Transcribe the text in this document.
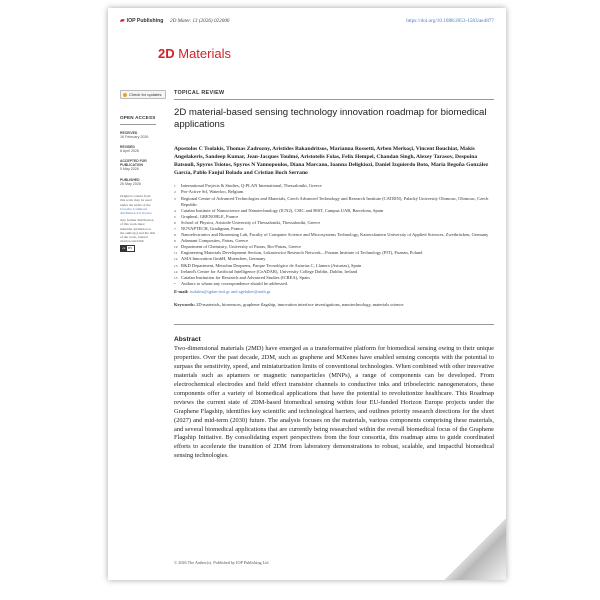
▰ IOP Publishing 2D Mater. 13 (2026) 022006	https://doi.org/10.1088/2053-1583/ae4877
2D Materials
Check for updates
OPEN ACCESS
RECEIVED
16 February 2026
REVISED
8 April 2026
ACCEPTED FOR PUBLICATION
5 May 2026
PUBLISHED
26 May 2026
Original content from this work may be used under the terms of the Creative Commons Attribution 4.0 licence.
Any further distribution of this work must maintain attribution to the author(s) and the title of the work, journal citation and DOI.
cc	BY
TOPICAL REVIEW
2D material-based sensing technology innovation roadmap for biomedical applications
Apostolos C Tsolakis, Thomas Zadrozny, Aristides Bakandritsos, Marianna Rossetti, Arben Merkoçi, Vincent Bouchiat, Makis Angelakeris, Sandeep Kumar, Jean-Jacques Toulmé, Aristotelis Folas, Felix Hempel, Chandan Singh, Alexey Tarasov, Despoina Batsouli, Spyros Tsiotos, Spyros N Yannopoulos, Diana Marcano, Ioanna Deligkiozi, Daniel Izquierdo Boto, Maria Begoña González García, Pablo Fanjul Bolado and Cristian Boch Serrano
1	International Projects & Studies, Q-PLAN International, Thessaloniki, Greece
2	Pro-Active Srl, Waterloo, Belgium
3	Regional Centre of Advanced Technologies and Materials, Czech Advanced Technology and Research Institute (CATRIN), Palacký University Olomouc, Olomouc, Czech Republic
4	Catalan Institute of Nanoscience and Nanotechnology (ICN2), CSIC and BIST, Campus UAB, Barcelona, Spain
5	Grapheal, GRENOBLE, France
6	School of Physics, Aristotle University of Thessaloniki, Thessaloniki, Greece
7	NOVAPTECH, Gradignan, France
8	Nanoelectronics and Biosensing Lab, Faculty of Computer Science and Microsystems Technology, Kaiserslautern University of Applied Sciences, Zweibrücken, Germany
9	Adamant Composites, Patras, Greece
10 Department of Chemistry, University of Patras, Rio-Patras, Greece
11 Engineering Materials Development Section, Lukasiewicz Research Network—Poznan Institute of Technology (PIT), Poznan, Poland
12 ASIA Innovation GmbH, Muenchen, Germany
13 R&D Department, Metrohm Dropsens, Parque Tecnológico de Asturias C, Llanera (Asturias), Spain
14 Ireland's Centre for Artificial Intelligence (CeADAR), University College Dublin, Dublin, Ireland
15 Catalan Institution for Research and Advanced Studies (ICREA), Spain
*	Authors to whom any correspondence should be addressed.
E-mail: tsolakis@qplan-intl.gr and agelaker@auth.gr
Keywords: 2D-materials, biosensors, graphene flagship, innovation interface investigations, nanotechnology, materials science
Abstract
Two-dimensional materials (2MD) have emerged as a transformative platform for biomedical sensing owing to their unique properties. Over the past decade, 2DM, such as graphene and MXenes have enabled sensing concepts with the potential to surpass the sensitivity, speed, and miniaturization limits of conventional technologies. When combined with other innovative materials such as aptamers or magnetic nanoparticles (MNPs), a range of components can be developed. From electrochemical electrodes and field effect transistor channels to conductive inks and triboelectric nanogenerators, these components offer a variety of biomedical applications that have the potential to revolutionize healthcare. This Roadmap reviews the current state of 2DM-based biomedical sensing within four EU-funded Horizon Europe projects under the Graphene Flagship, identifies key scientific and technological barriers, and outlines priority research directions for the short (2027) and mid-term (2030) future. The analysis focuses on the materials, various components comprising these materials, and several biomedical applications that are currently being researched within the overall biomedical focus of the Graphene Flagship Initiative. By consolidating expert perspectives from the four consortia, this roadmap aims to guide coordinated efforts to accelerate the transition of 2DM from laboratory demonstrations to robust, scalable, and impactful biomedical sensing technologies.
© 2026 The Author(s). Published by IOP Publishing Ltd
